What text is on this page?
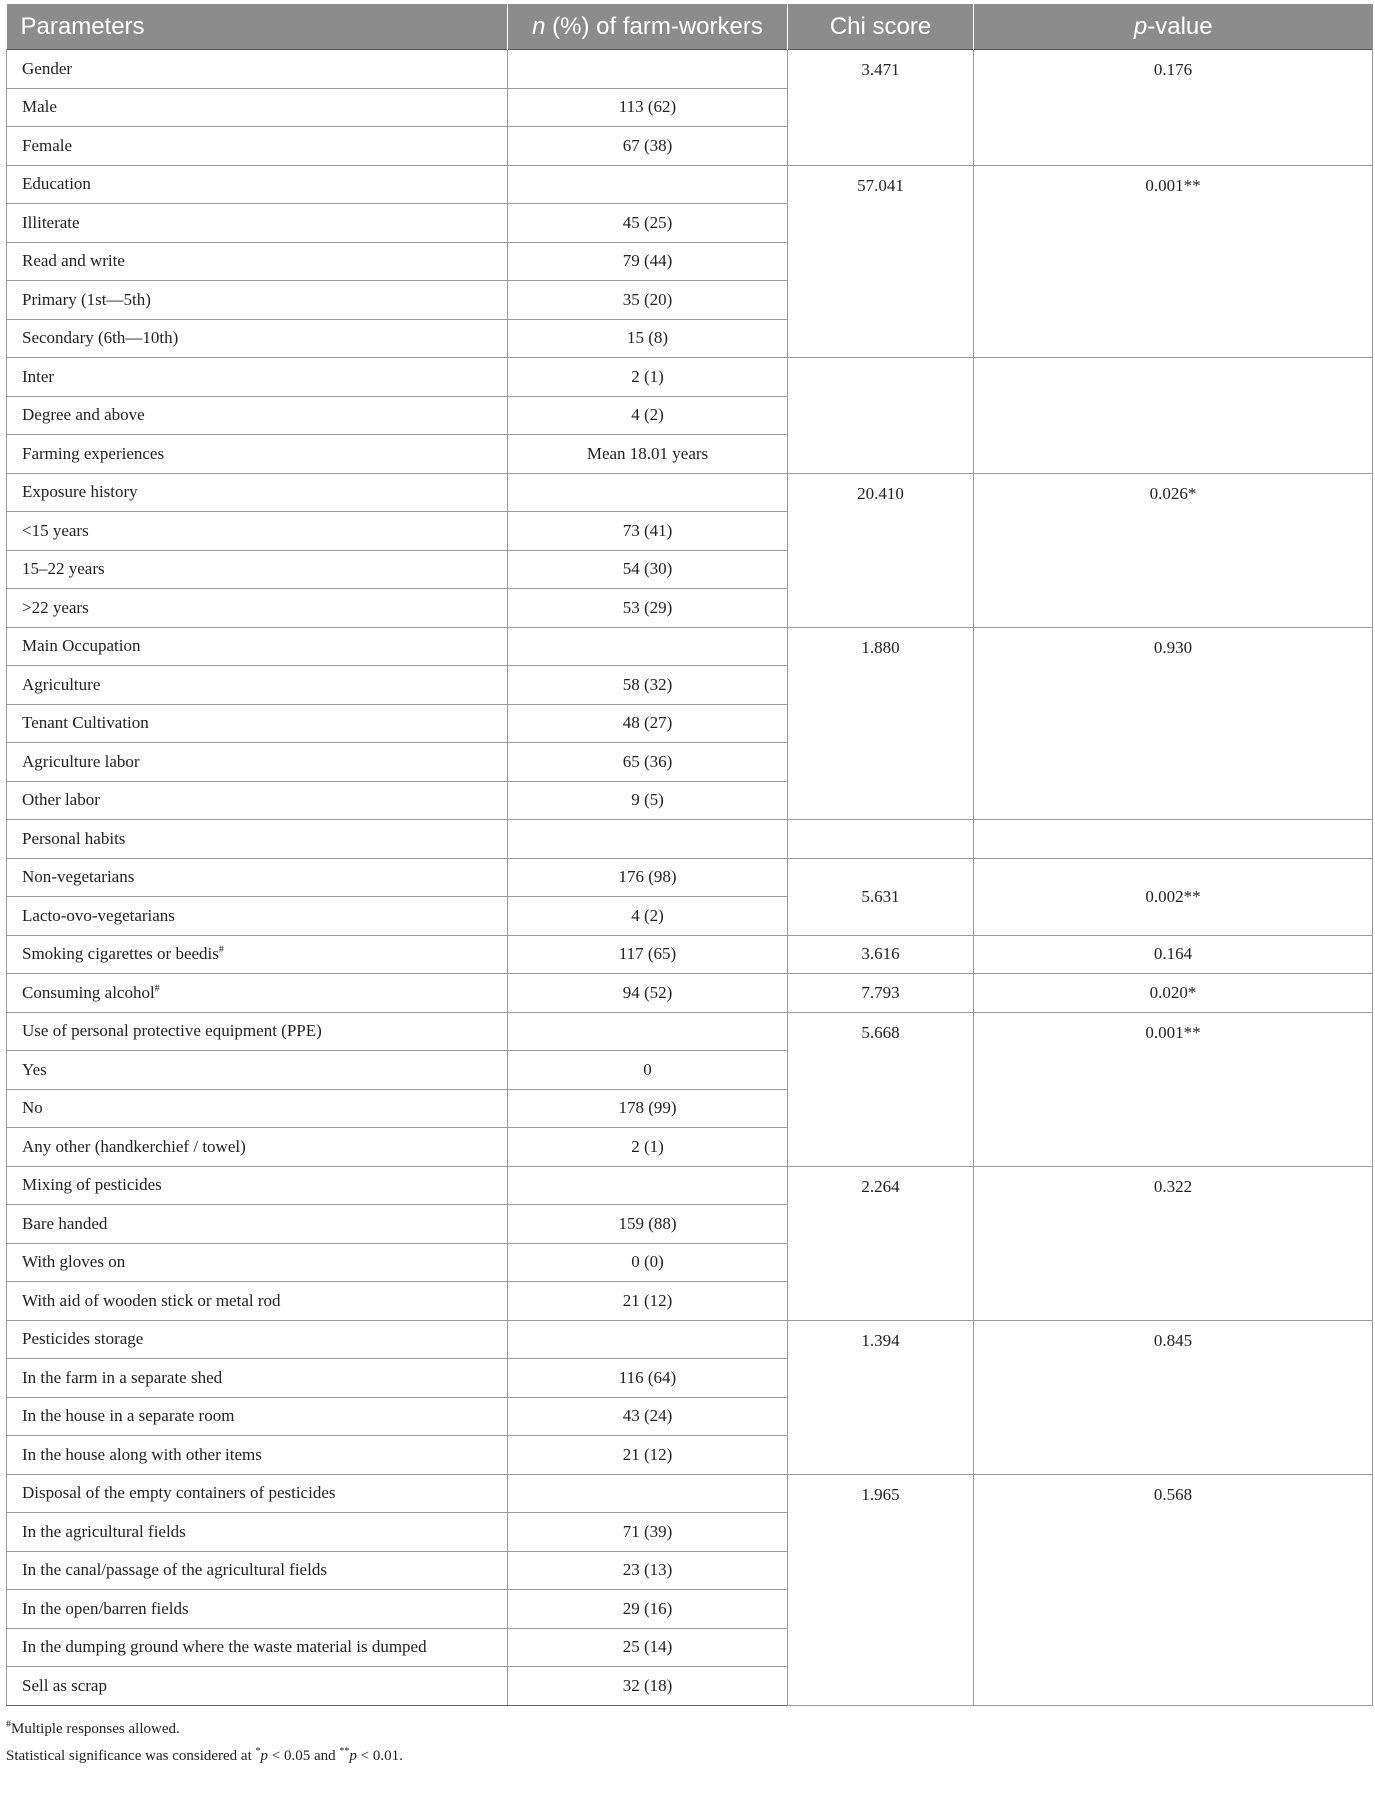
Parameters	n (%) of farm-workers	Chi score	p-value
Gender		3.471	0.176
Male	113 (62)		
Female	67 (38)		
Education		57.041	0.001**
Illiterate	45 (25)		
Read and write	79 (44)		
Primary (1st—5th)	35 (20)		
Secondary (6th—10th)	15 (8)		
Inter	2 (1)		
Degree and above	4 (2)		
Farming experiences	Mean 18.01 years		
Exposure history		20.410	0.026*
<15 years	73 (41)		
15–22 years	54 (30)		
>22 years	53 (29)		
Main Occupation		1.880	0.930
Agriculture	58 (32)		
Tenant Cultivation	48 (27)		
Agriculture labor	65 (36)		
Other labor	9 (5)		
Personal habits			
Non-vegetarians	176 (98)	5.631	0.002**
Lacto-ovo-vegetarians	4 (2)		
Smoking cigarettes or beedis#	117 (65)	3.616	0.164
Consuming alcohol#	94 (52)	7.793	0.020*
Use of personal protective equipment (PPE)		5.668	0.001**
Yes	0		
No	178 (99)		
Any other (handkerchief / towel)	2 (1)		
Mixing of pesticides		2.264	0.322
Bare handed	159 (88)		
With gloves on	0 (0)		
With aid of wooden stick or metal rod	21 (12)		
Pesticides storage		1.394	0.845
In the farm in a separate shed	116 (64)		
In the house in a separate room	43 (24)		
In the house along with other items	21 (12)		
Disposal of the empty containers of pesticides		1.965	0.568
In the agricultural fields	71 (39)		
In the canal/passage of the agricultural fields	23 (13)		
In the open/barren fields	29 (16)		
In the dumping ground where the waste material is dumped	25 (14)		
Sell as scrap	32 (18)		
#Multiple responses allowed.
Statistical significance was considered at *p < 0.05 and **p < 0.01.
